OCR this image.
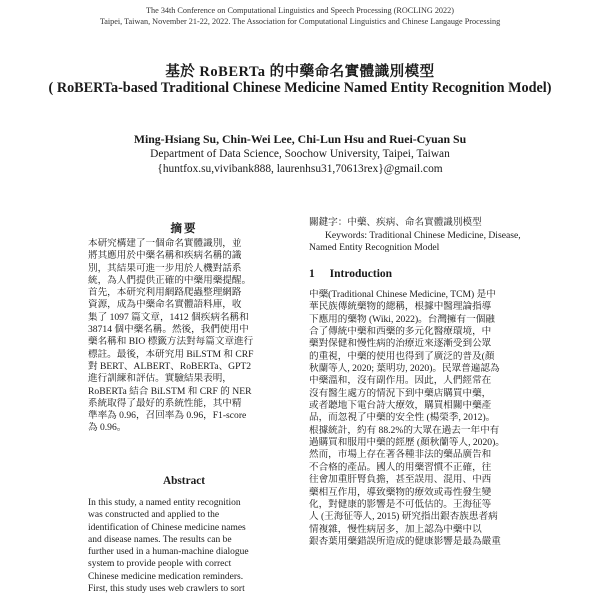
The 34th Conference on Computational Linguistics and Speech Processing (ROCLING 2022)
Taipei, Taiwan, November 21-22, 2022. The Association for Computational Linguistics and Chinese Langauge Processing
基於 RoBERTa 的中藥命名實體識別模型
( RoBERTa-based Traditional Chinese Medicine Named Entity Recognition Model)
Ming-Hsiang Su, Chin-Wei Lee, Chi-Lun Hsu and Ruei-Cyuan Su
Department of Data Science, Soochow University, Taipei, Taiwan
{huntfox.su,vivibank888, laurenhsu31,70613rex}@gmail.com
摘要
本研究構建了一個命名實體識別，並
將其應用於中藥名稱和疾病名稱的識
別，其結果可進一步用於人機對話系
統，為人們提供正確的中藥用藥提醒。
首先，本研究利用網路爬蟲整理網路
資源，成為中藥命名實體語料庫，收
集了 1097 篇文章，1412 個疾病名稱和
38714 個中藥名稱。然後，我們使用中
藥名稱和 BIO 標籤方法對每篇文章進行
標註。最後，本研究用 BiLSTM 和 CRF
對 BERT、ALBERT、RoBERTa、GPT2
進行訓練和評估。實驗結果表明，
RoBERTa 結合 BiLSTM 和 CRF 的 NER
系統取得了最好的系統性能，其中精
準率為 0.96，召回率為 0.96，F1-score
為 0.96。
Abstract
In this study, a named entity recognition
was constructed and applied to the
identification of Chinese medicine names
and disease names. The results can be
further used in a human-machine dialogue
system to provide people with correct
Chinese medicine medication reminders.
First, this study uses web crawlers to sort
關鍵字：中藥、疾病、命名實體識別模型
Keywords: Traditional Chinese Medicine, Disease,
Named Entity Recognition Model
1 Introduction
中藥(Traditional Chinese Medicine, TCM) 是中
華民族傳統藥物的總稱，根據中醫理論指導
下應用的藥物 (Wiki, 2022)。台灣擁有一個融
合了傳統中藥和西藥的多元化醫療環境，中
藥對保健和慢性病的治療近來逐漸受到公眾
的重視，中藥的使用也得到了廣泛的普及(顏
秋蘭等人, 2020; 葉明功, 2020)。民眾普遍認為
中藥溫和，沒有副作用。因此，人們經常在
沒有醫生處方的情況下到中藥店購買中藥，
或者聽地下電台詩大療效，購買相關中藥產
品，而忽視了中藥的安全性 (楊榮季, 2012)。
根據統計，約有 88.2%的大眾在過去一年中有
過購買和服用中藥的經歷 (顏秋蘭等人, 2020)。
然而，市場上存在著各種非法的藥品廣告和
不合格的產品。國人的用藥習慣不正確，往
往會加重肝腎負擔，甚至誤用、混用、中西
藥相互作用，導致藥物的療效或毒性發生變
化，對健康的影響是不可低估的。王海征等
人 (王海征等人, 2015) 研究指出銀杏族患者病
情複雜，慢性病居多，加上認為中藥中以
銀杏葉用藥錯誤所造成的健康影響是最為嚴重
